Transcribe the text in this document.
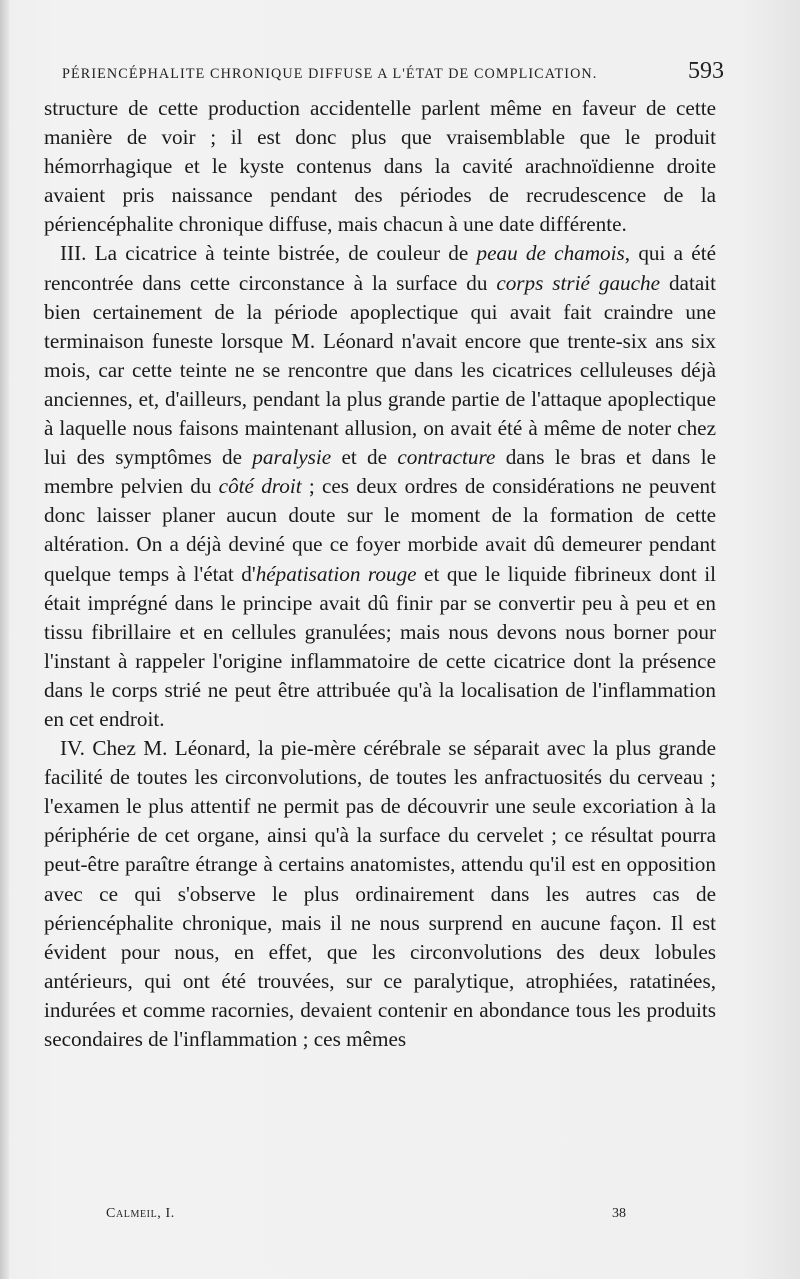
PÉRIENCÉPHALITE CHRONIQUE DIFFUSE A L'ÉTAT DE COMPLICATION.	593

structure de cette production accidentelle parlent même en faveur de cette manière de voir ; il est donc plus que vraisemblable que le produit hémorrhagique et le kyste contenus dans la cavité arachnoïdienne droite avaient pris naissance pendant des périodes de recrudescence de la périencéphalite chronique diffuse, mais chacun à une date différente.

III. La cicatrice à teinte bistrée, de couleur de peau de chamois, qui a été rencontrée dans cette circonstance à la surface du corps strié gauche datait bien certainement de la période apoplectique qui avait fait craindre une terminaison funeste lorsque M. Léonard n'avait encore que trente-six ans six mois, car cette teinte ne se rencontre que dans les cicatrices celluleuses déjà anciennes, et, d'ailleurs, pendant la plus grande partie de l'attaque apoplectique à laquelle nous faisons maintenant allusion, on avait été à même de noter chez lui des symptômes de paralysie et de contracture dans le bras et dans le membre pelvien du côté droit ; ces deux ordres de considérations ne peuvent donc laisser planer aucun doute sur le moment de la formation de cette altération. On a déjà deviné que ce foyer morbide avait dû demeurer pendant quelque temps à l'état d'hépatisation rouge et que le liquide fibrineux dont il était imprégné dans le principe avait dû finir par se convertir peu à peu et en tissu fibrillaire et en cellules granulées; mais nous devons nous borner pour l'instant à rappeler l'origine inflammatoire de cette cicatrice dont la présence dans le corps strié ne peut être attribuée qu'à la localisation de l'inflammation en cet endroit.

IV. Chez M. Léonard, la pie-mère cérébrale se séparait avec la plus grande facilité de toutes les circonvolutions, de toutes les anfractuosités du cerveau ; l'examen le plus attentif ne permit pas de découvrir une seule excoriation à la périphérie de cet organe, ainsi qu'à la surface du cervelet ; ce résultat pourra peut-être paraître étrange à certains anatomistes, attendu qu'il est en opposition avec ce qui s'observe le plus ordinairement dans les autres cas de périencéphalite chronique, mais il ne nous surprend en aucune façon. Il est évident pour nous, en effet, que les circonvolutions des deux lobules antérieurs, qui ont été trouvées, sur ce paralytique, atrophiées, ratatinées, indurées et comme racornies, devaient contenir en abondance tous les produits secondaires de l'inflammation ; ces mêmes

Calmeil, I.	38
